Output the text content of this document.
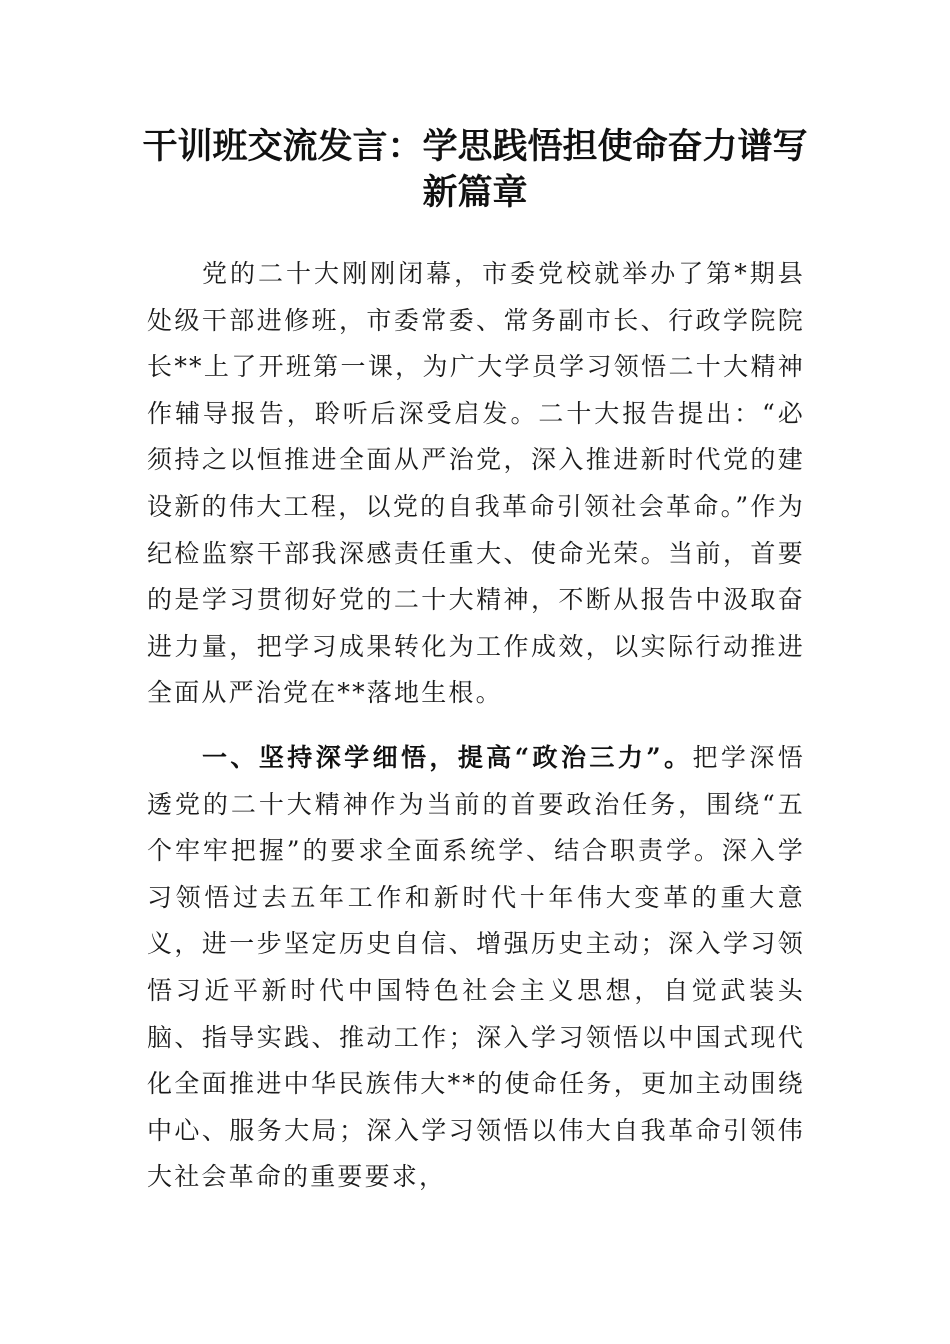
干训班交流发言：学思践悟担使命奋力谱写新篇章

党的二十大刚刚闭幕，市委党校就举办了第*期县处级干部进修班，市委常委、常务副市长、行政学院院长**上了开班第一课，为广大学员学习领悟二十大精神作辅导报告，聆听后深受启发。二十大报告提出：“必须持之以恒推进全面从严治党，深入推进新时代党的建设新的伟大工程，以党的自我革命引领社会革命。”作为纪检监察干部我深感责任重大、使命光荣。当前，首要的是学习贯彻好党的二十大精神，不断从报告中汲取奋进力量，把学习成果转化为工作成效，以实际行动推进全面从严治党在**落地生根。

一、坚持深学细悟，提高“政治三力”。把学深悟透党的二十大精神作为当前的首要政治任务，围绕“五个牢牢把握”的要求全面系统学、结合职责学。深入学习领悟过去五年工作和新时代十年伟大变革的重大意义，进一步坚定历史自信、增强历史主动；深入学习领悟习近平新时代中国特色社会主义思想，自觉武装头脑、指导实践、推动工作；深入学习领悟以中国式现代化全面推进中华民族伟大**的使命任务，更加主动围绕中心、服务大局；深入学习领悟以伟大自我革命引领伟大社会革命的重要要求，
